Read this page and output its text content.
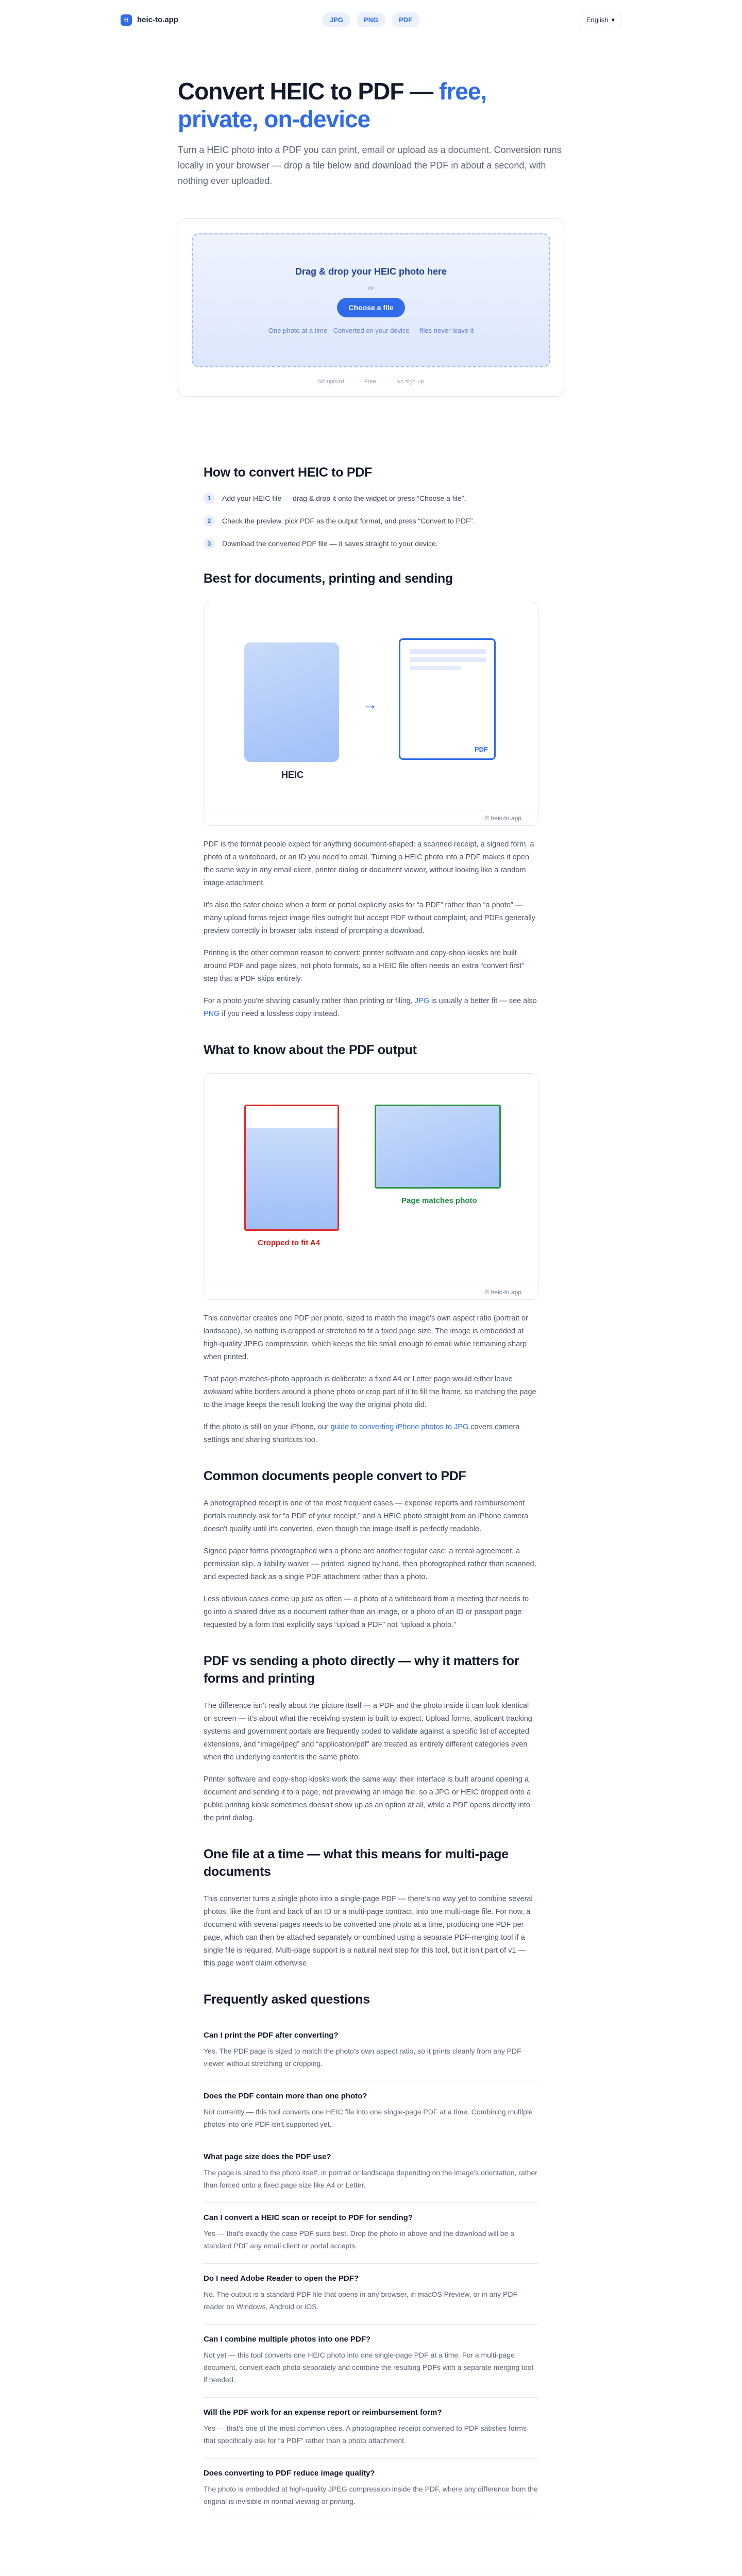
H	heic-to.app	JPG	PNG	PDF	English ▾
Convert HEIC to PDF — free, private, on-device

Turn a HEIC photo into a PDF you can print, email or upload as a document. Conversion runs locally in your browser — drop a file below and download the PDF in about a second, with nothing ever uploaded.

Drag & drop your HEIC photo here
or
Choose a file
One photo at a time · Converted on your device — files never leave it
No upload · Free · No sign-up
How to convert HEIC to PDF
1	Add your HEIC file — drag & drop it onto the widget or press “Choose a file”.
2	Check the preview, pick PDF as the output format, and press “Convert to PDF”.
3	Download the converted PDF file — it saves straight to your device.
Best for documents, printing and sending
HEIC
→
PDF
© heic-to.app

PDF is the format people expect for anything document-shaped: a scanned receipt, a signed form, a photo of a whiteboard, or an ID you need to email. Turning a HEIC photo into a PDF makes it open the same way in any email client, printer dialog or document viewer, without looking like a random image attachment.

It's also the safer choice when a form or portal explicitly asks for “a PDF” rather than “a photo” — many upload forms reject image files outright but accept PDF without complaint, and PDFs generally preview correctly in browser tabs instead of prompting a download.

Printing is the other common reason to convert: printer software and copy-shop kiosks are built around PDF and page sizes, not photo formats, so a HEIC file often needs an extra “convert first” step that a PDF skips entirely.

For a photo you're sharing casually rather than printing or filing, JPG is usually a better fit — see also PNG if you need a lossless copy instead.

What to know about the PDF output
Cropped to fit A4
Page matches photo
© heic-to.app

This converter creates one PDF per photo, sized to match the image's own aspect ratio (portrait or landscape), so nothing is cropped or stretched to fit a fixed page size. The image is embedded at high-quality JPEG compression, which keeps the file small enough to email while remaining sharp when printed.

That page-matches-photo approach is deliberate: a fixed A4 or Letter page would either leave awkward white borders around a phone photo or crop part of it to fill the frame, so matching the page to the image keeps the result looking the way the original photo did.

If the photo is still on your iPhone, our guide to converting iPhone photos to JPG covers camera settings and sharing shortcuts too.

Common documents people convert to PDF

A photographed receipt is one of the most frequent cases — expense reports and reimbursement portals routinely ask for “a PDF of your receipt,” and a HEIC photo straight from an iPhone camera doesn't qualify until it's converted, even though the image itself is perfectly readable.

Signed paper forms photographed with a phone are another regular case: a rental agreement, a permission slip, a liability waiver — printed, signed by hand, then photographed rather than scanned, and expected back as a single PDF attachment rather than a photo.

Less obvious cases come up just as often — a photo of a whiteboard from a meeting that needs to go into a shared drive as a document rather than an image, or a photo of an ID or passport page requested by a form that explicitly says “upload a PDF” not “upload a photo.”

PDF vs sending a photo directly — why it matters for forms and printing

The difference isn't really about the picture itself — a PDF and the photo inside it can look identical on screen — it's about what the receiving system is built to expect. Upload forms, applicant tracking systems and government portals are frequently coded to validate against a specific list of accepted extensions, and “image/jpeg” and “application/pdf” are treated as entirely different categories even when the underlying content is the same photo.

Printer software and copy-shop kiosks work the same way: their interface is built around opening a document and sending it to a page, not previewing an image file, so a JPG or HEIC dropped onto a public printing kiosk sometimes doesn't show up as an option at all, while a PDF opens directly into the print dialog.

One file at a time — what this means for multi-page documents

This converter turns a single photo into a single-page PDF — there's no way yet to combine several photos, like the front and back of an ID or a multi-page contract, into one multi-page file. For now, a document with several pages needs to be converted one photo at a time, producing one PDF per page, which can then be attached separately or combined using a separate PDF-merging tool if a single file is required. Multi-page support is a natural next step for this tool, but it isn't part of v1 — this page won't claim otherwise.

Frequently asked questions
Can I print the PDF after converting?
Yes. The PDF page is sized to match the photo's own aspect ratio, so it prints cleanly from any PDF viewer without stretching or cropping.
Does the PDF contain more than one photo?
Not currently — this tool converts one HEIC file into one single-page PDF at a time. Combining multiple photos into one PDF isn't supported yet.
What page size does the PDF use?
The page is sized to the photo itself, in portrait or landscape depending on the image's orientation, rather than forced onto a fixed page size like A4 or Letter.
Can I convert a HEIC scan or receipt to PDF for sending?
Yes — that's exactly the case PDF suits best. Drop the photo in above and the download will be a standard PDF any email client or portal accepts.
Do I need Adobe Reader to open the PDF?
No. The output is a standard PDF file that opens in any browser, in macOS Preview, or in any PDF reader on Windows, Android or iOS.
Can I combine multiple photos into one PDF?
Not yet — this tool converts one HEIC photo into one single-page PDF at a time. For a multi-page document, convert each photo separately and combine the resulting PDFs with a separate merging tool if needed.
Will the PDF work for an expense report or reimbursement form?
Yes — that's one of the most common uses. A photographed receipt converted to PDF satisfies forms that specifically ask for “a PDF” rather than a photo attachment.
Does converting to PDF reduce image quality?
The photo is embedded at high-quality JPEG compression inside the PDF, where any difference from the original is invisible in normal viewing or printing.
